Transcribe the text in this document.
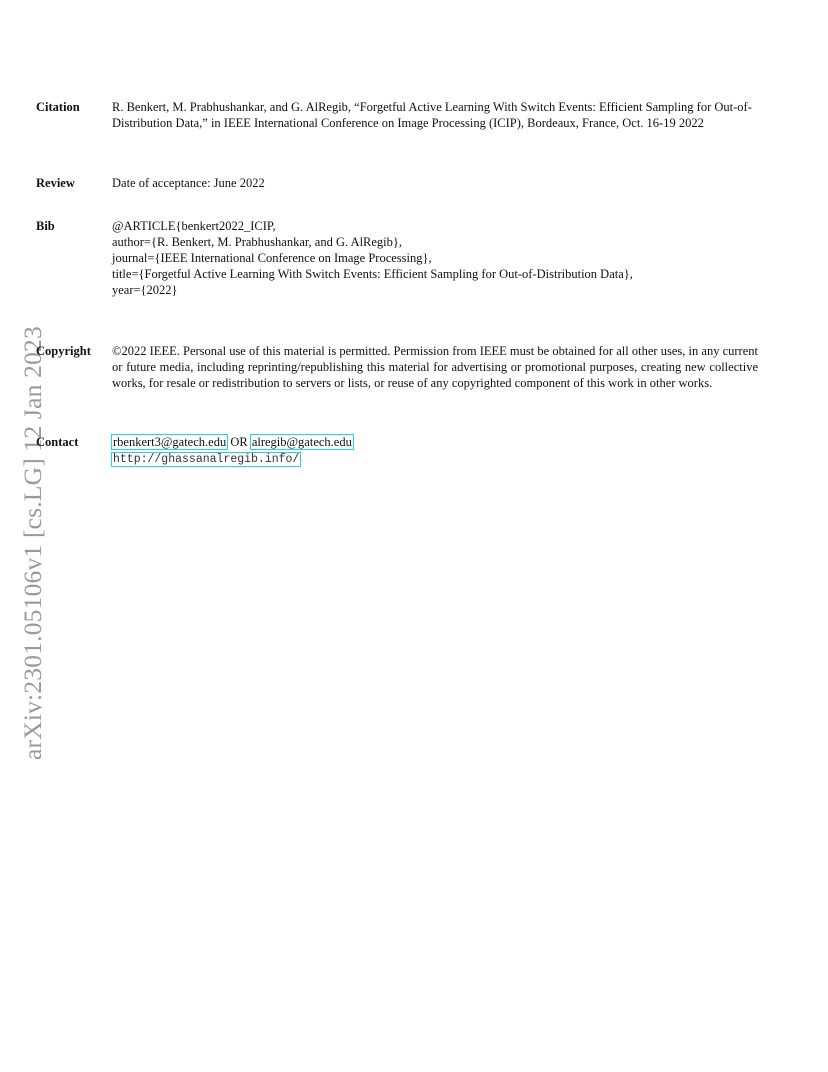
arXiv:2301.05106v1 [cs.LG] 12 Jan 2023
Citation	R. Benkert, M. Prabhushankar, and G. AlRegib, “Forgetful Active Learning With Switch Events: Efficient Sampling for Out-of-Distribution Data,” in IEEE International Conference on Image Processing (ICIP), Bordeaux, France, Oct. 16-19 2022
Review	Date of acceptance: June 2022
Bib	@ARTICLE{benkert2022_ICIP,
author={R. Benkert, M. Prabhushankar, and G. AlRegib},
journal={IEEE International Conference on Image Processing},
title={Forgetful Active Learning With Switch Events: Efficient Sampling for Out-of-Distribution Data},
year={2022}
Copyright ©2022 IEEE. Personal use of this material is permitted. Permission from IEEE must be obtained for all other uses, in any current or future media, including reprinting/republishing this material for advertising or promotional purposes, creating new collective works, for resale or redistribution to servers or lists, or reuse of any copyrighted component of this work in other works.
Contact	rbenkert3@gatech.edu OR alregib@gatech.edu
http://ghassanalregib.info/
